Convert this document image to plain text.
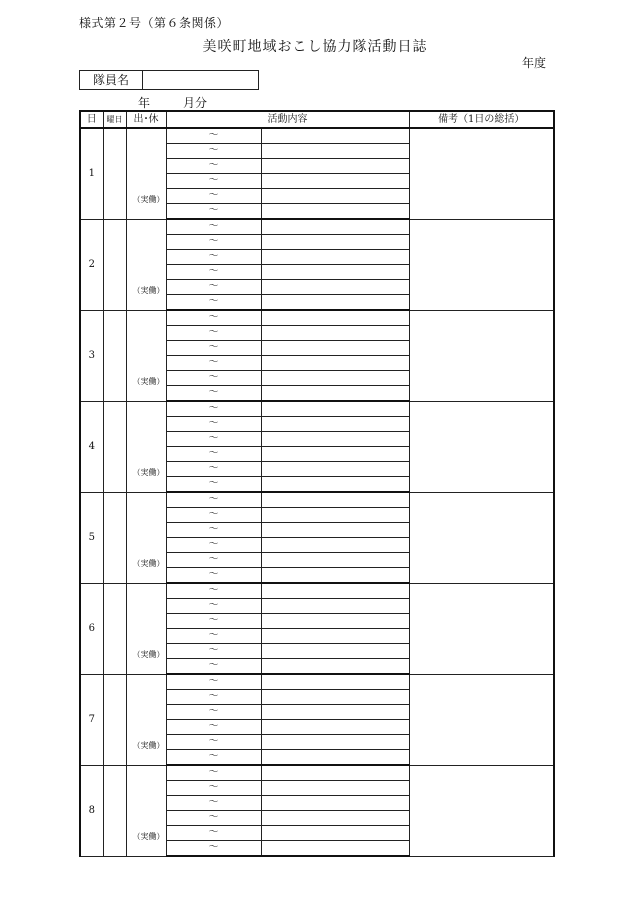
様式第２号（第６条関係）
美咲町地域おこし協力隊活動日誌
年度
隊員名
年	月分
日	曜日	出･休	活動内容		備考（1日の総括）
1		（実働）	～		
			～		
			～		
			～		
			～		
			～		
2		（実働）	～		
			～		
			～		
			～		
			～		
			～		
3		（実働）	～		
			～		
			～		
			～		
			～		
			～		
4		（実働）	～		
			～		
			～		
			～		
			～		
			～		
5		（実働）	～		
			～		
			～		
			～		
			～		
			～		
6		（実働）	～		
			～		
			～		
			～		
			～		
			～		
7		（実働）	～		
			～		
			～		
			～		
			～		
			～		
8		（実働）	～		
			～		
			～		
			～		
			～		
			～		
